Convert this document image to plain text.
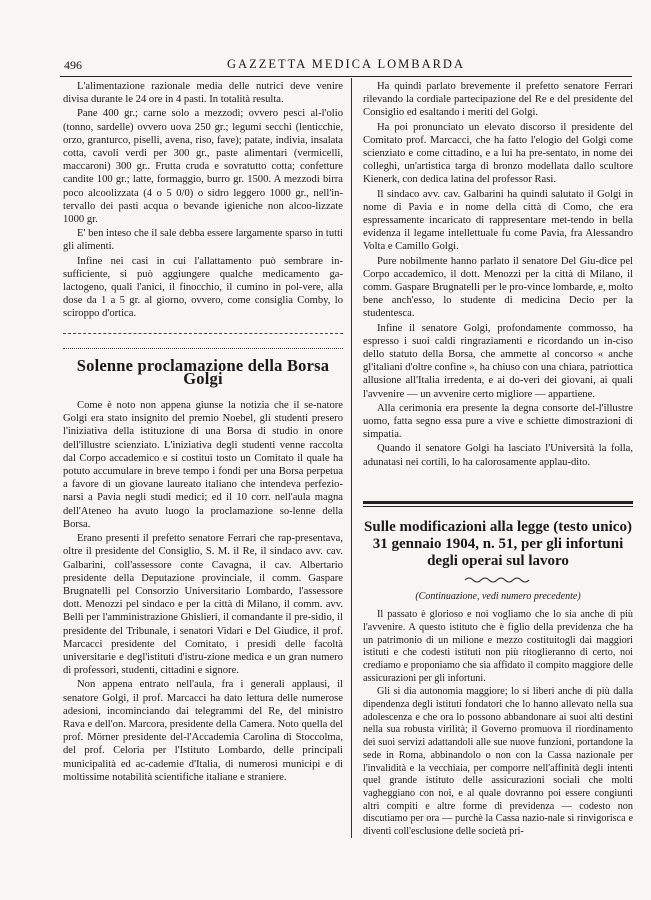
496	GAZZETTA MEDICA LOMBARDA

L'alimentazione razionale media delle nutrici deve venire divisa durante le 24 ore in 4 pasti. In totalità resulta.

Pane 400 gr.; carne solo a mezzodì; ovvero pesci al-l'olio (tonno, sardelle) ovvero uova 250 gr.; legumi secchi (lenticchie, orzo, granturco, piselli, avena, riso, fave); patate, indivia, insalata cotta, cavoli verdi per 300 gr., paste alimentari (vermicelli, maccaroni) 300 gr.. Frutta cruda e sovratutto cotta; confetture candite 100 gr.; latte, formaggio, burro gr. 1500. A mezzodì birra poco alcoolizzata (4 o 5 0/0) o sidro leggero 1000 gr., nell'in-tervallo dei pasti acqua o bevande igieniche non alcoo-lizzate 1000 gr.

E' ben inteso che il sale debba essere largamente sparso in tutti gli alimenti.

Infine nei casi in cui l'allattamento può sembrare in-sufficiente, si può aggiungere qualche medicamento ga-lactogeno, quali l'anici, il finocchio, il cumino in pol-vere, alla dose da 1 a 5 gr. al giorno, ovvero, come consiglia Comby, lo sciroppo d'ortica.

Solenne proclamazione della Borsa Golgi

Come è noto non appena giunse la notizia che il se-natore Golgi era stato insignito del premio Noebel, gli studenti presero l'iniziativa della istituzione di una Borsa di studio in onore dell'illustre scienziato. L'iniziativa degli studenti venne raccolta dal Corpo accademico e si costituì tosto un Comitato il quale ha potuto accumulare in breve tempo i fondi per una Borsa perpetua a favore di un giovane laureato italiano che intendeva perfezio-narsi a Pavia negli studi medici; ed il 10 corr. nell'aula magna dell'Ateneo ha avuto luogo la proclamazione so-lenne della Borsa.

Erano presenti il prefetto senatore Ferrari che rap-presentava, oltre il presidente del Consiglio, S. M. il Re, il sindaco avv. cav. Galbarini, coll'assessore conte Cavagna, il cav. Albertario presidente della Deputazione provinciale, il comm. Gaspare Brugnatelli pel Consorzio Universitario Lombardo, l'assessore dott. Menozzi pel sindaco e per la città di Milano, il comm. avv. Belli per l'amministrazione Ghislieri, il comandante il pre-sidio, il presidente del Tribunale, i senatori Vidari e Del Giudice, il prof. Marcacci presidente del Comitato, i presidi delle facoltà universitarie e degl'istituti d'istru-zione medica e un gran numero di professori, studenti, cittadini e signore.

Non appena entrato nell'aula, fra i generali applausi, il senatore Golgi, il prof. Marcacci ha dato lettura delle numerose adesioni, incominciando dai telegrammi del Re, del ministro Rava e dell'on. Marcora, presidente della Camera. Noto quella del prof. Mörner presidente del-l'Accademia Carolina di Stoccolma, del prof. Celoria per l'Istituto Lombardo, delle principali municipalità ed ac-cademie d'Italia, di numerosi municipi e di moltissime notabilità scientifiche italiane e straniere.

Ha quindi parlato brevemente il prefetto senatore Ferrari rilevando la cordiale partecipazione del Re e del presidente del Consiglio ed esaltando i meriti del Golgi.

Ha poi pronunciato un elevato discorso il presidente del Comitato prof. Marcacci, che ha fatto l'elogio del Golgi come scienziato e come cittadino, e a lui ha pre-sentato, in nome dei colleghi, un'artistica targa di bronzo modellata dallo scultore Kienerk, con dedica latina del professor Rasi.

Il sindaco avv. cav. Galbarini ha quindi salutato il Golgi in nome di Pavia e in nome della città di Como, che era espressamente incaricato di rappresentare met-tendo in bella evidenza il legame intellettuale fu come Pavia, fra Alessandro Volta e Camillo Golgi.

Pure nobilmente hanno parlato il senatore Del Giu-dice pel Corpo accademico, il dott. Menozzi per la città di Milano, il comm. Gaspare Brugnatelli per le pro-vince lombarde, e, molto bene anch'esso, lo studente di medicina Decio per la studentesca.

Infine il senatore Golgi, profondamente commosso, ha espresso i suoi caldi ringraziamenti e ricordando un in-ciso dello statuto della Borsa, che ammette al concorso « anche gl'italiani d'oltre confine », ha chiuso con una chiara, patriottica allusione all'Italia irredenta, e ai do-veri dei giovani, ai quali l'avvenire — un avvenire certo migliore — appartiene.

Alla cerimonia era presente la degna consorte del-l'illustre uomo, fatta segno essa pure a vive e schiette dimostrazioni di simpatia.

Quando il senatore Golgi ha lasciato l'Università la folla, adunatasi nei cortili, lo ha calorosamente applau-dito.

Sulle modificazioni alla legge (testo unico)
31 gennaio 1904, n. 51, per gli infortuni
degli operai sul lavoro
(Continuazione, vedi numero precedente)

Il passato è glorioso e noi vogliamo che lo sia anche di più l'avvenire. A questo istituto che è figlio della previdenza che ha un patrimonio di un milione e mezzo costituitogli dai maggiori istituti e che codesti istituti non più ritoglieranno di certo, noi crediamo e proponiamo che sia affidato il compito maggiore delle assicurazioni per gli infortuni.

Gli si dia autonomia maggiore; lo si liberi anche di più dalla dipendenza degli istituti fondatori che lo hanno allevato nella sua adolescenza e che ora lo possono abbandonare ai suoi alti destini nella sua robusta virilità; il Governo promuova il riordinamento dei suoi servizi adattandoli alle sue nuove funzioni, portandone la sede in Roma, abbinandolo o non con la Cassa nazionale per l'invalidità e la vecchiaia, per comporre nell'affinità degli intenti quel grande istituto delle assicurazioni sociali che molti vagheggiano con noi, e al quale dovranno poi essere congiunti altri compiti e altre forme di previdenza — codesto non discutiamo per ora — purchè la Cassa nazio-nale si rinvigorisca e diventi coll'esclusione delle società pri-
